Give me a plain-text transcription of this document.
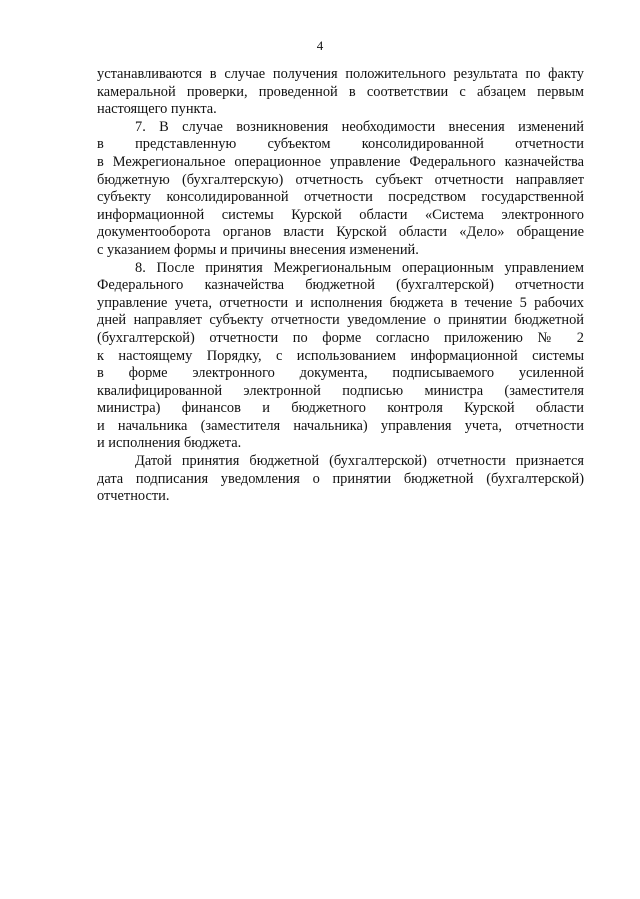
4

устанавливаются в случае получения положительного результата по факту
камеральной проверки, проведенной в соответствии с абзацем первым
настоящего пункта.

7. В случае возникновения необходимости внесения изменений
в представленную субъектом консолидированной отчетности
в Межрегиональное операционное управление Федерального казначейства
бюджетную (бухгалтерскую) отчетность субъект отчетности направляет
субъекту консолидированной отчетности посредством государственной
информационной системы Курской области «Система электронного
документооборота органов власти Курской области «Дело» обращение
с указанием формы и причины внесения изменений.

8. После принятия Межрегиональным операционным управлением
Федерального казначейства бюджетной (бухгалтерской) отчетности
управление учета, отчетности и исполнения бюджета в течение 5 рабочих
дней направляет субъекту отчетности уведомление о принятии бюджетной
(бухгалтерской) отчетности по форме согласно приложению № 2
к настоящему Порядку, с использованием информационной системы
в форме электронного документа, подписываемого усиленной
квалифицированной электронной подписью министра (заместителя
министра) финансов и бюджетного контроля Курской области
и начальника (заместителя начальника) управления учета, отчетности
и исполнения бюджета.

Датой принятия бюджетной (бухгалтерской) отчетности признается
дата подписания уведомления о принятии бюджетной (бухгалтерской)
отчетности.
